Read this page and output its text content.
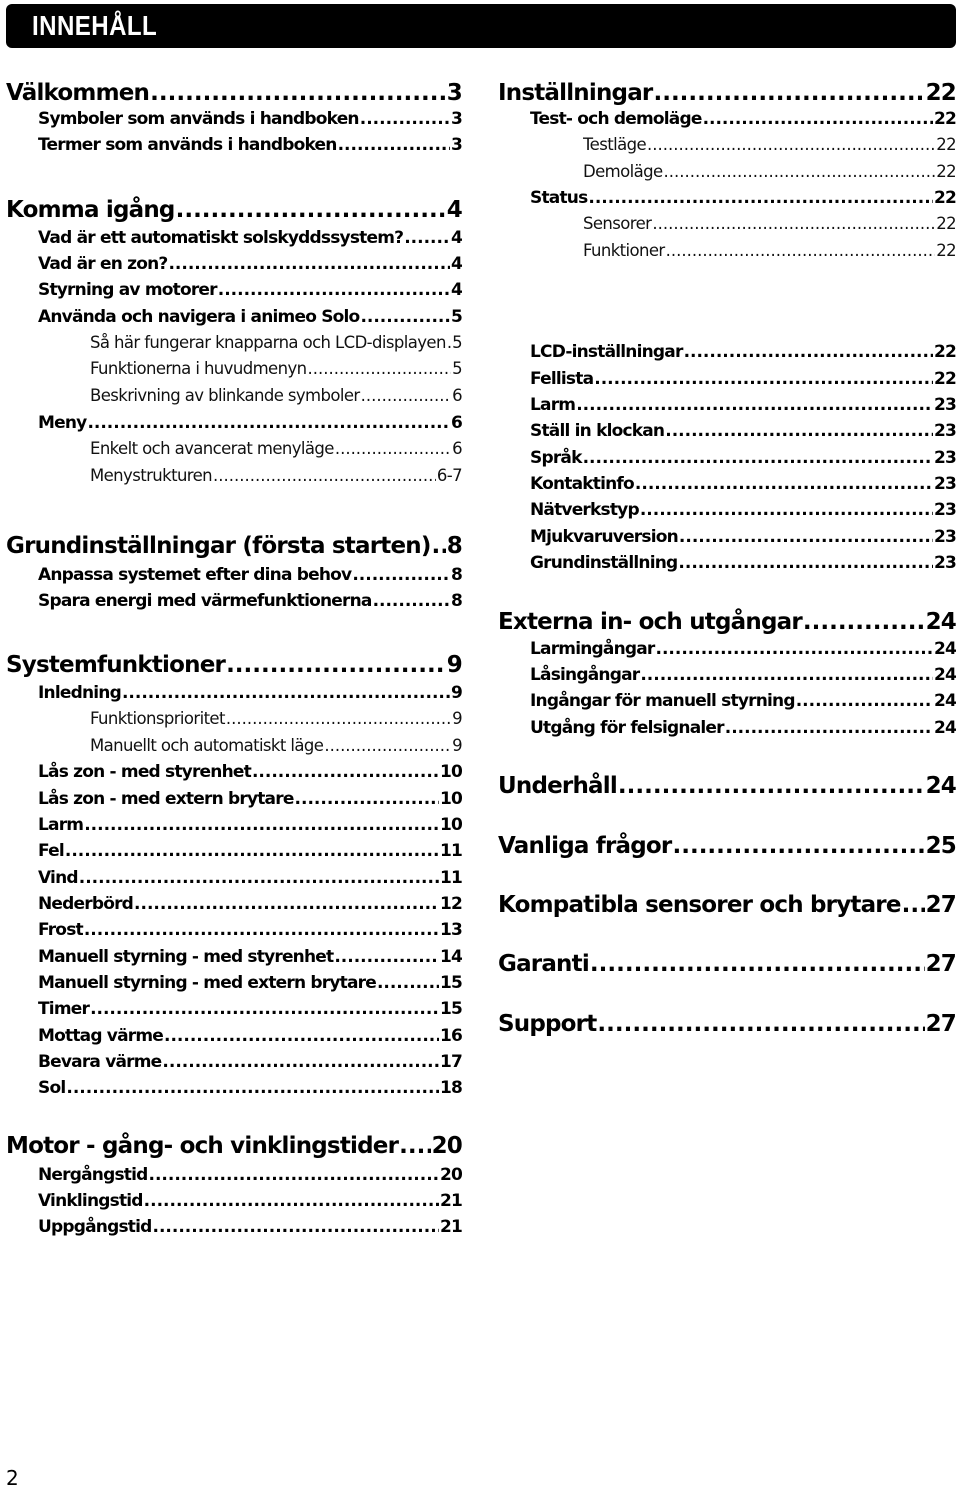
INNEHÅLL
Välkommen .....	3
Symboler som används i handboken .....	3
Termer som används i handboken .....	3
Komma igång .....	4
Vad är ett automatiskt solskyddssystem? .....	4
Vad är en zon? .....	4
Styrning av motorer .....	4
Använda och navigera i animeo Solo .....	5
Så här fungerar knapparna och LCD-displayen ..... 5
Funktionerna i huvudmenyn .....	5
Beskrivning av blinkande symboler .....	6
Meny .....	6
Enkelt och avancerat menyläge .....	6
Menystrukturen .....	6-7
Grundinställningar (första starten) ..... 8
Anpassa systemet efter dina behov .....	8
Spara energi med värmefunktionerna .....	8
Systemfunktioner .....	9
Inledning .....	9
Funktionsprioritet .....	9
Manuellt och automatiskt läge .....	9
Lås zon - med styrenhet .....	10
Lås zon - med extern brytare .....	10
Larm .....	10
Fel .....	11
Vind .....	11
Nederbörd .....	12
Frost .....	13
Manuell styrning - med styrenhet .....	14
Manuell styrning - med extern brytare .....	15
Timer .....	15
Mottag värme .....	16
Bevara värme .....	17
Sol .....	18
Motor - gång- och vinklingstider ..... 20
Nergångstid .....	20
Vinklingstid .....	21
Uppgångstid .....	21
Inställningar .....	22
Test- och demoläge .....	22
Testläge .....	22
Demoläge .....	22
Status .....	22
Sensorer .....	22
Funktioner .....	22
LCD-inställningar .....	22
Fellista .....	22
Larm .....	23
Ställ in klockan .....	23
Språk .....	23
Kontaktinfo .....	23
Nätverkstyp .....	23
Mjukvaruversion .....	23
Grundinställning .....	23
Externa in- och utgångar .....	24
Larmingångar .....	24
Låsingångar .....	24
Ingångar för manuell styrning .....	24
Utgång för felsignaler .....	24
Underhåll .....	24
Vanliga frågor .....	25
Kompatibla sensorer och brytare ..... 27
Garanti .....	27
Support .....	27
2
